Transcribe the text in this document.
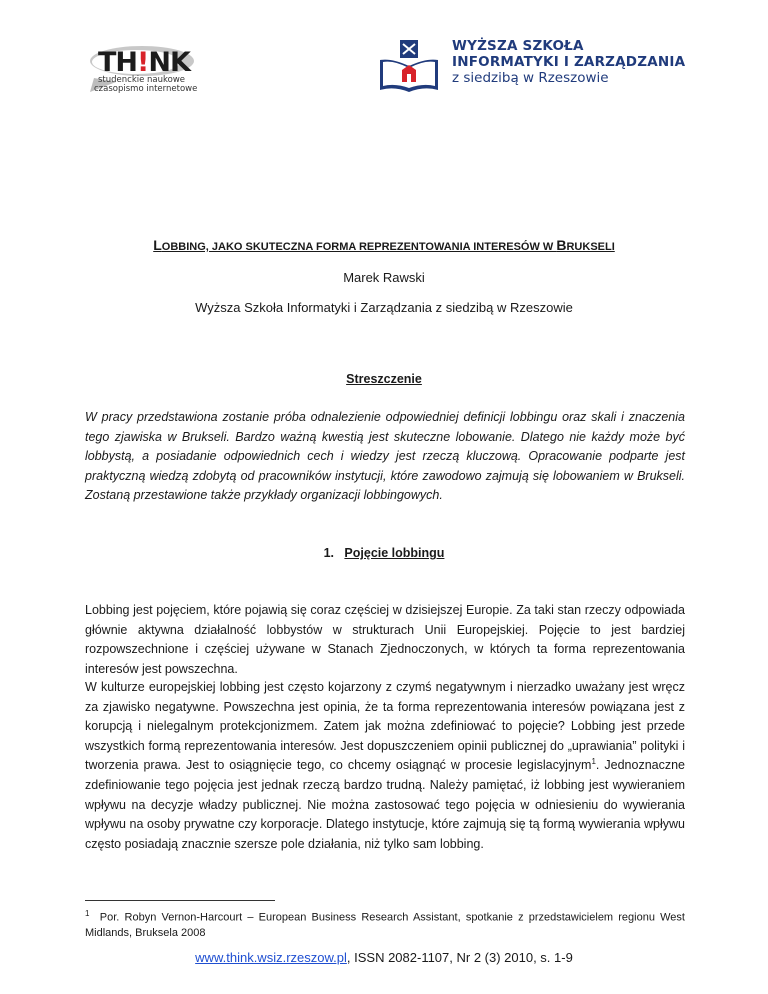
TH!NK
studenckie naukowe
czasopismo internetowe
WYŻSZA SZKOŁA
INFORMATYKI I ZARZĄDZANIA
z siedzibą w Rzeszowie
LOBBING, JAKO SKUTECZNA FORMA REPREZENTOWANIA INTERESÓW W BRUKSELI
Marek Rawski
Wyższa Szkoła Informatyki i Zarządzania z siedzibą w Rzeszowie
Streszczenie

W pracy przedstawiona zostanie próba odnalezienie odpowiedniej definicji lobbingu oraz skali i znaczenia tego zjawiska w Brukseli. Bardzo ważną kwestią jest skuteczne lobowanie. Dlatego nie każdy może być lobbystą, a posiadanie odpowiednich cech i wiedzy jest rzeczą kluczową. Opracowanie podparte jest praktyczną wiedzą zdobytą od pracowników instytucji, które zawodowo zajmują się lobowaniem w Brukseli. Zostaną przestawione także przykłady organizacji lobbingowych.

1. Pojęcie lobbingu

Lobbing jest pojęciem, które pojawią się coraz częściej w dzisiejszej Europie. Za taki stan rzeczy odpowiada głównie aktywna działalność lobbystów w strukturach Unii Europejskiej. Pojęcie to jest bardziej rozpowszechnione i częściej używane w Stanach Zjednoczonych, w których ta forma reprezentowania interesów jest powszechna.

W kulturze europejskiej lobbing jest często kojarzony z czymś negatywnym i nierzadko uważany jest wręcz za zjawisko negatywne. Powszechna jest opinia, że ta forma reprezentowania interesów powiązana jest z korupcją i nielegalnym protekcjonizmem. Zatem jak można zdefiniować to pojęcie? Lobbing jest przede wszystkich formą reprezentowania interesów. Jest dopuszczeniem opinii publicznej do „uprawiania” polityki i tworzenia prawa. Jest to osiągnięcie tego, co chcemy osiągnąć w procesie legislacyjnym$^1$. Jednoznaczne zdefiniowanie tego pojęcia jest jednak rzeczą bardzo trudną. Należy pamiętać, iż lobbing jest wywieraniem wpływu na decyzje władzy publicznej. Nie można zastosować tego pojęcia w odniesieniu do wywierania wpływu na osoby prywatne czy korporacje. Dlatego instytucje, które zajmują się tą formą wywierania wpływu często posiadają znacznie szersze pole działania, niż tylko sam lobbing.

$^1$ Por. Robyn Vernon-Harcourt – European Business Research Assistant, spotkanie z przedstawicielem regionu West Midlands, Bruksela 2008

www.think.wsiz.rzeszow.pl, ISSN 2082-1107, Nr 2 (3) 2010, s. 1-9
